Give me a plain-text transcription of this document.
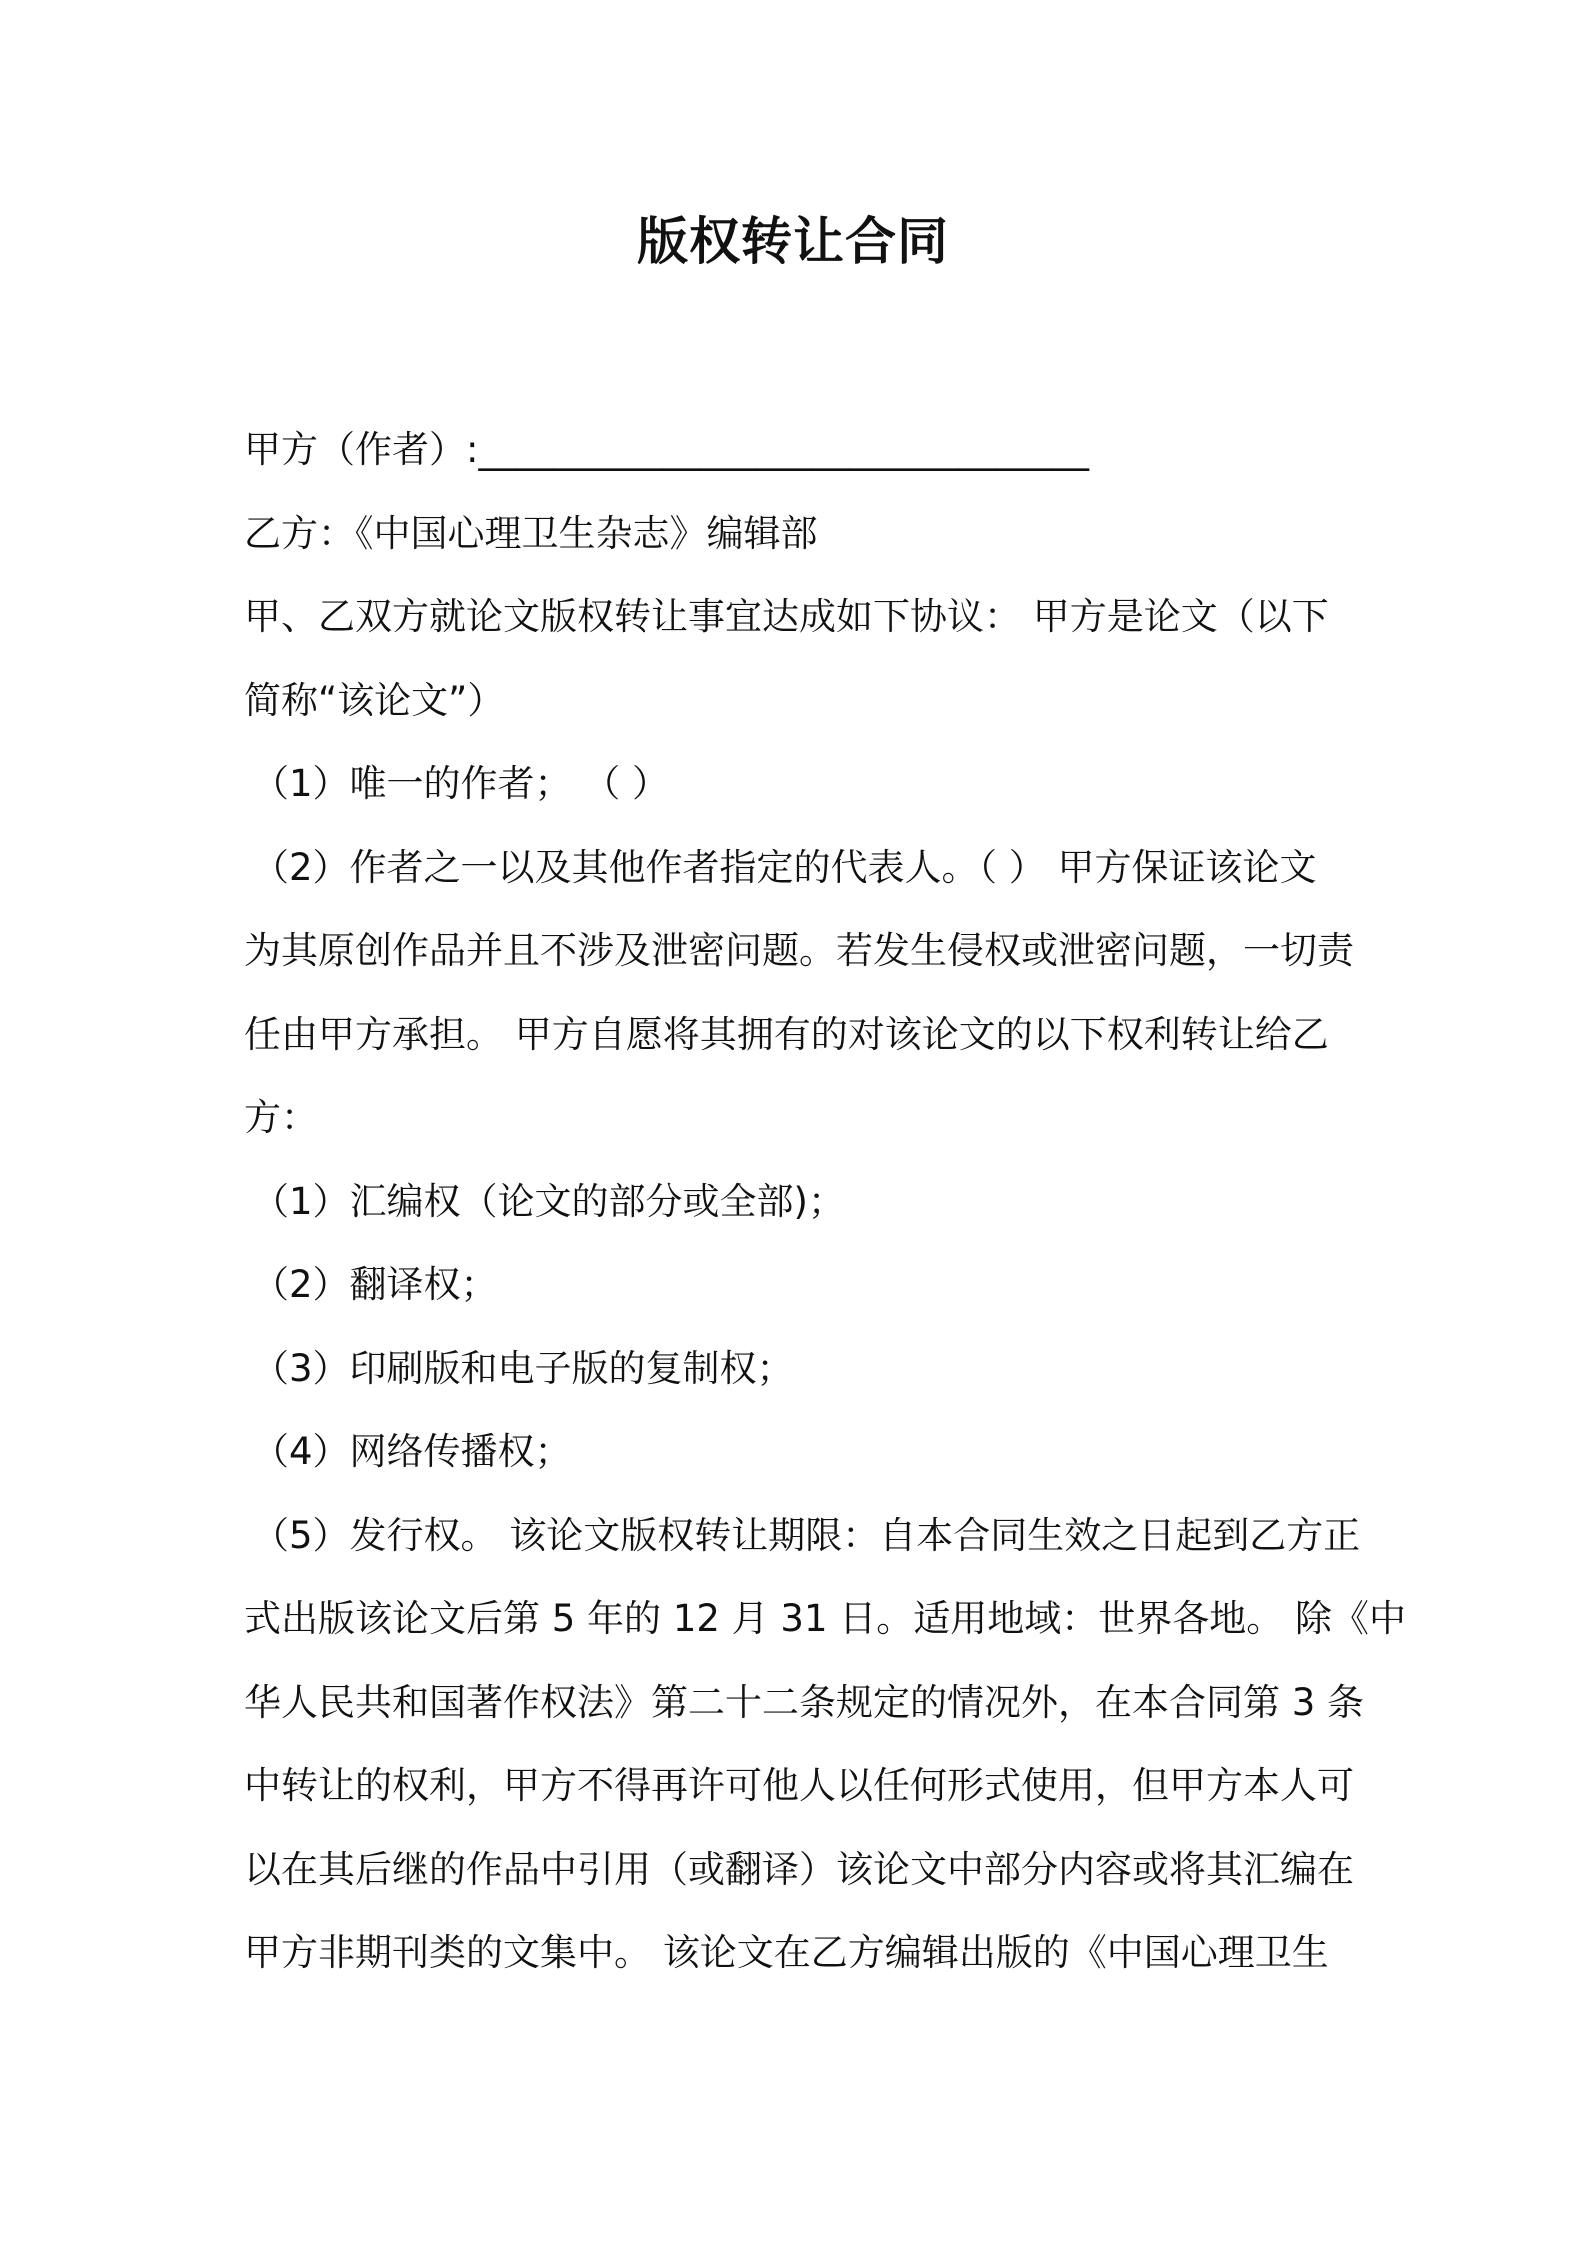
版权转让合同
甲方（作者）:_________________________________
乙方：《中国心理卫生杂志》编辑部
甲、乙双方就论文版权转让事宜达成如下协议： 甲方是论文（以下
简称“该论文”）
（1）唯一的作者； （ ）
（2）作者之一以及其他作者指定的代表人。（ ） 甲方保证该论文
为其原创作品并且不涉及泄密问题。若发生侵权或泄密问题，一切责
任由甲方承担。 甲方自愿将其拥有的对该论文的以下权利转让给乙
方：
（1）汇编权（论文的部分或全部)；
（2）翻译权；
（3）印刷版和电子版的复制权；
（4）网络传播权；
（5）发行权。 该论文版权转让期限：自本合同生效之日起到乙方正
式出版该论文后第 5 年的 12 月 31 日。适用地域：世界各地。 除《中
华人民共和国著作权法》第二十二条规定的情况外，在本合同第 3 条
中转让的权利，甲方不得再许可他人以任何形式使用，但甲方本人可
以在其后继的作品中引用（或翻译）该论文中部分内容或将其汇编在
甲方非期刊类的文集中。 该论文在乙方编辑出版的《中国心理卫生
